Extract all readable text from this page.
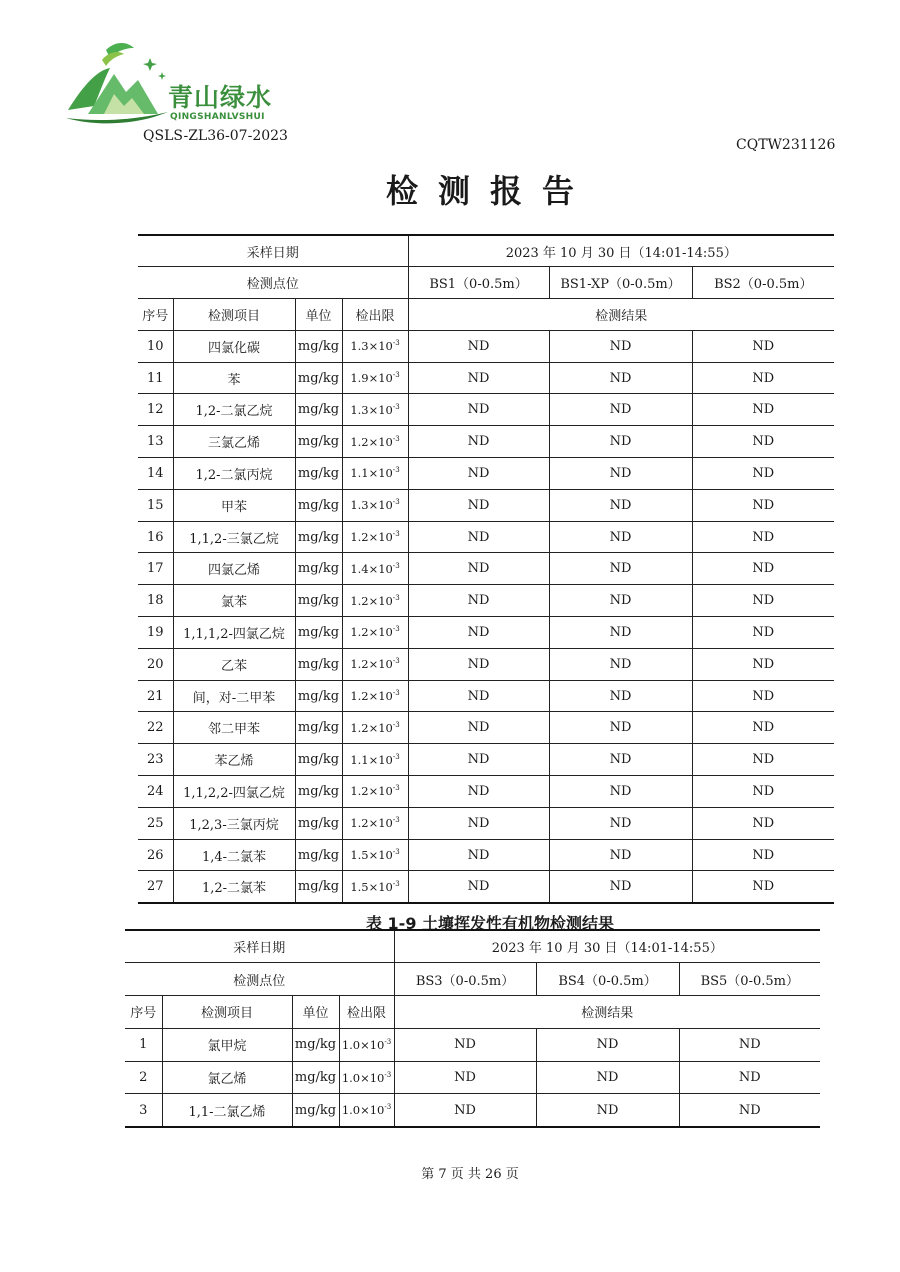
青山绿水
QINGSHANLVSHUI
QSLS-ZL36-07-2023
CQTW231126
检测报告
采样日期				2023 年 10 月 30 日（14:01-14:55）		
检测点位				BS1（0-0.5m）	BS1-XP（0-0.5m）	BS2（0-0.5m）
序号	检测项目	单位	检出限	检测结果		
10	四氯化碳	mg/kg	$1.3\times 10^{-3}$	ND	ND	ND
11	苯	mg/kg	$1.9\times 10^{-3}$	ND	ND	ND
12	1,2-二氯乙烷	mg/kg	$1.3\times 10^{-3}$	ND	ND	ND
13	三氯乙烯	mg/kg	$1.2\times 10^{-3}$	ND	ND	ND
14	1,2-二氯丙烷	mg/kg	$1.1\times 10^{-3}$	ND	ND	ND
15	甲苯	mg/kg	$1.3\times 10^{-3}$	ND	ND	ND
16	1,1,2-三氯乙烷	mg/kg	$1.2\times 10^{-3}$	ND	ND	ND
17	四氯乙烯	mg/kg	$1.4\times 10^{-3}$	ND	ND	ND
18	氯苯	mg/kg	$1.2\times 10^{-3}$	ND	ND	ND
19	1,1,1,2-四氯乙烷	mg/kg	$1.2\times 10^{-3}$	ND	ND	ND
20	乙苯	mg/kg	$1.2\times 10^{-3}$	ND	ND	ND
21	间，对-二甲苯	mg/kg	$1.2\times 10^{-3}$	ND	ND	ND
22	邻二甲苯	mg/kg	$1.2\times 10^{-3}$	ND	ND	ND
23	苯乙烯	mg/kg	$1.1\times 10^{-3}$	ND	ND	ND
24	1,1,2,2-四氯乙烷	mg/kg	$1.2\times 10^{-3}$	ND	ND	ND
25	1,2,3-三氯丙烷	mg/kg	$1.2\times 10^{-3}$	ND	ND	ND
26	1,4-二氯苯	mg/kg	$1.5\times 10^{-3}$	ND	ND	ND
27	1,2-二氯苯	mg/kg	$1.5\times 10^{-3}$	ND	ND	ND
表 1-9 土壤挥发性有机物检测结果
采样日期				2023 年 10 月 30 日（14:01-14:55）		
检测点位				BS3（0-0.5m）	BS4（0-0.5m）	BS5（0-0.5m）
序号	检测项目	单位	检出限	检测结果		
1	氯甲烷	mg/kg	$1.0\times 10^{-3}$	ND	ND	ND
2	氯乙烯	mg/kg	$1.0\times 10^{-3}$	ND	ND	ND
3	1,1-二氯乙烯	mg/kg	$1.0\times 10^{-3}$	ND	ND	ND
第 7 页 共 26 页
